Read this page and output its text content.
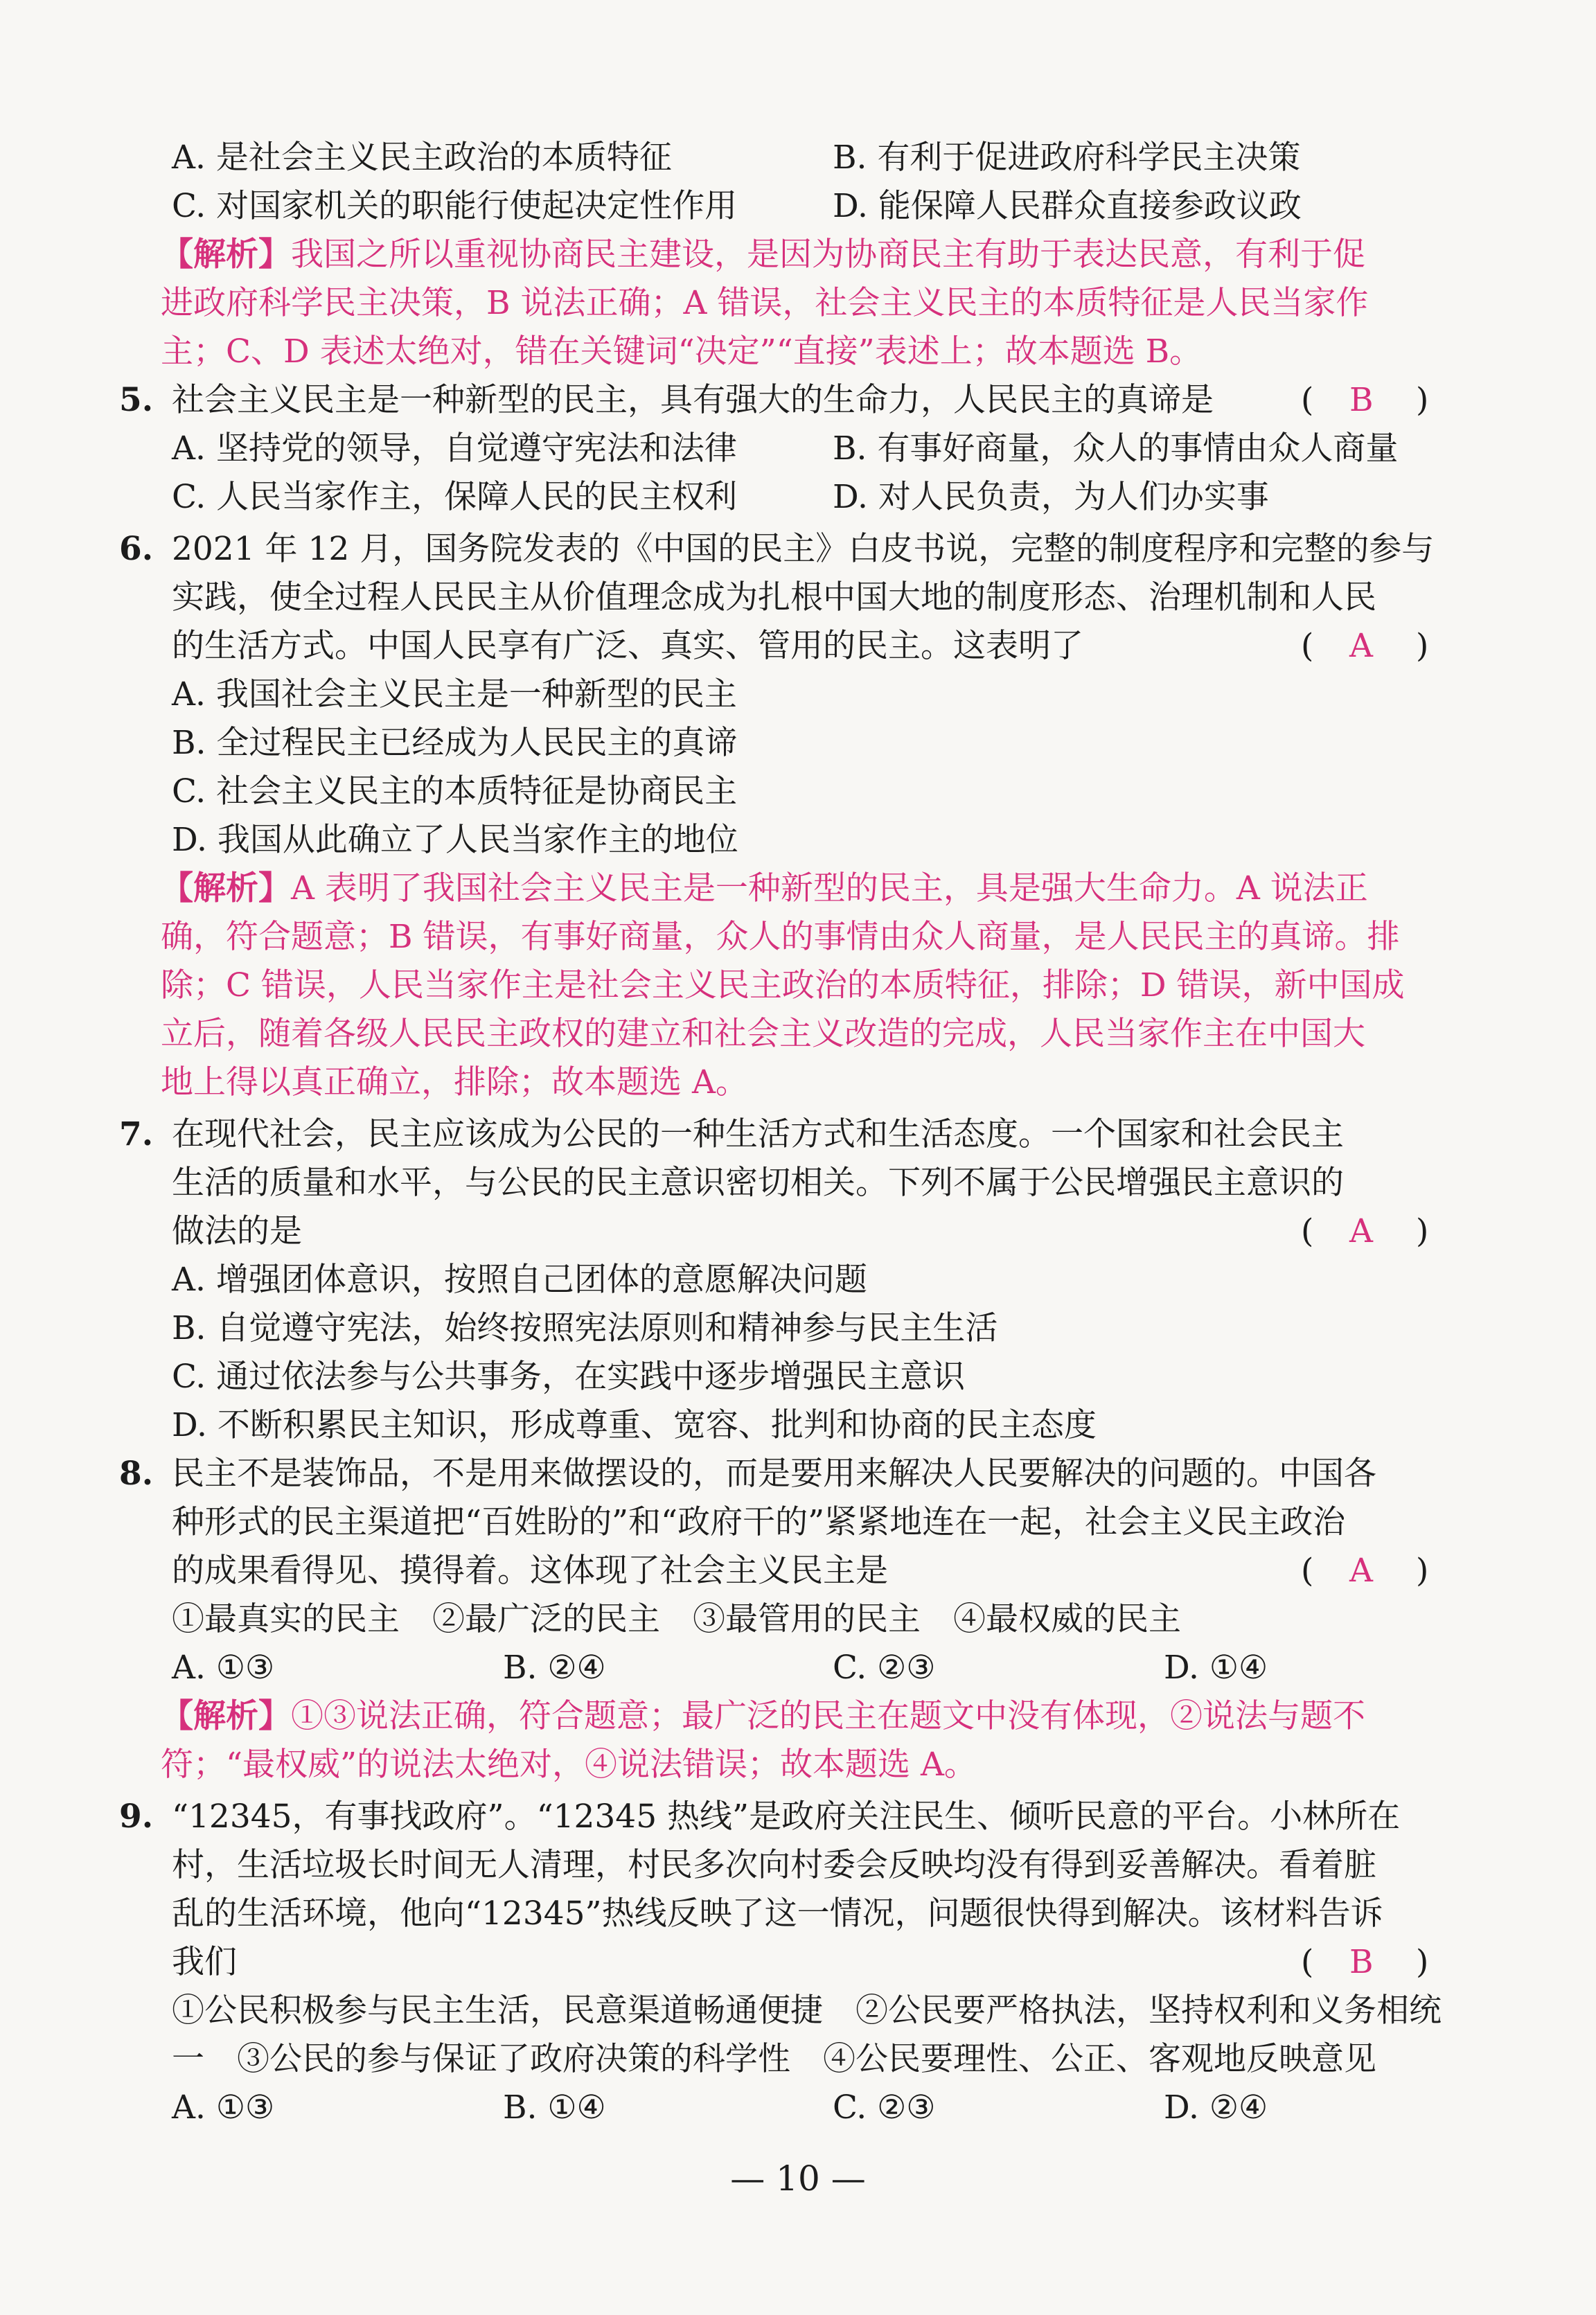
A. 是社会主义民主政治的本质特征	B. 有利于促进政府科学民主决策
C. 对国家机关的职能行使起决定性作用	D. 能保障人民群众直接参政议政
【解析】我国之所以重视协商民主建设，是因为协商民主有助于表达民意，有利于促
进政府科学民主决策，B 说法正确；A 错误，社会主义民主的本质特征是人民当家作
主；C、D 表述太绝对，错在关键词“决定”“直接”表述上；故本题选 B。
5. 社会主义民主是一种新型的民主，具有强大的生命力，人民民主的真谛是	( B )
A. 坚持党的领导，自觉遵守宪法和法律	B. 有事好商量，众人的事情由众人商量
C. 人民当家作主，保障人民的民主权利	D. 对人民负责，为人们办实事
6. 2021 年 12 月，国务院发表的《中国的民主》白皮书说，完整的制度程序和完整的参与
实践，使全过程人民民主从价值理念成为扎根中国大地的制度形态、治理机制和人民
的生活方式。中国人民享有广泛、真实、管用的民主。这表明了	( A )
A. 我国社会主义民主是一种新型的民主
B. 全过程民主已经成为人民民主的真谛
C. 社会主义民主的本质特征是协商民主
D. 我国从此确立了人民当家作主的地位
【解析】A 表明了我国社会主义民主是一种新型的民主，具是强大生命力。A 说法正
确，符合题意；B 错误，有事好商量，众人的事情由众人商量，是人民民主的真谛。排
除；C 错误，人民当家作主是社会主义民主政治的本质特征，排除；D 错误，新中国成
立后，随着各级人民民主政权的建立和社会主义改造的完成，人民当家作主在中国大
地上得以真正确立，排除；故本题选 A。
7. 在现代社会，民主应该成为公民的一种生活方式和生活态度。一个国家和社会民主
生活的质量和水平，与公民的民主意识密切相关。下列不属于公民增强民主意识的
做法的是	( A )
A. 增强团体意识，按照自己团体的意愿解决问题
B. 自觉遵守宪法，始终按照宪法原则和精神参与民主生活
C. 通过依法参与公共事务，在实践中逐步增强民主意识
D. 不断积累民主知识，形成尊重、宽容、批判和协商的民主态度
8. 民主不是装饰品，不是用来做摆设的，而是要用来解决人民要解决的问题的。中国各
种形式的民主渠道把“百姓盼的”和“政府干的”紧紧地连在一起，社会主义民主政治
的成果看得见、摸得着。这体现了社会主义民主是	( A )
①最真实的民主　②最广泛的民主　③最管用的民主　④最权威的民主
A. ①③	B. ②④	C. ②③	D. ①④
【解析】①③说法正确，符合题意；最广泛的民主在题文中没有体现，②说法与题不
符；“最权威”的说法太绝对，④说法错误；故本题选 A。
9. “12345，有事找政府”。“12345 热线”是政府关注民生、倾听民意的平台。小林所在
村，生活垃圾长时间无人清理，村民多次向村委会反映均没有得到妥善解决。看着脏
乱的生活环境，他向“12345”热线反映了这一情况，问题很快得到解决。该材料告诉
我们	( B )
①公民积极参与民主生活，民意渠道畅通便捷　②公民要严格执法，坚持权利和义务相统
一　③公民的参与保证了政府决策的科学性　④公民要理性、公正、客观地反映意见
A. ①③	B. ①④	C. ②③	D. ②④
— 10 —
